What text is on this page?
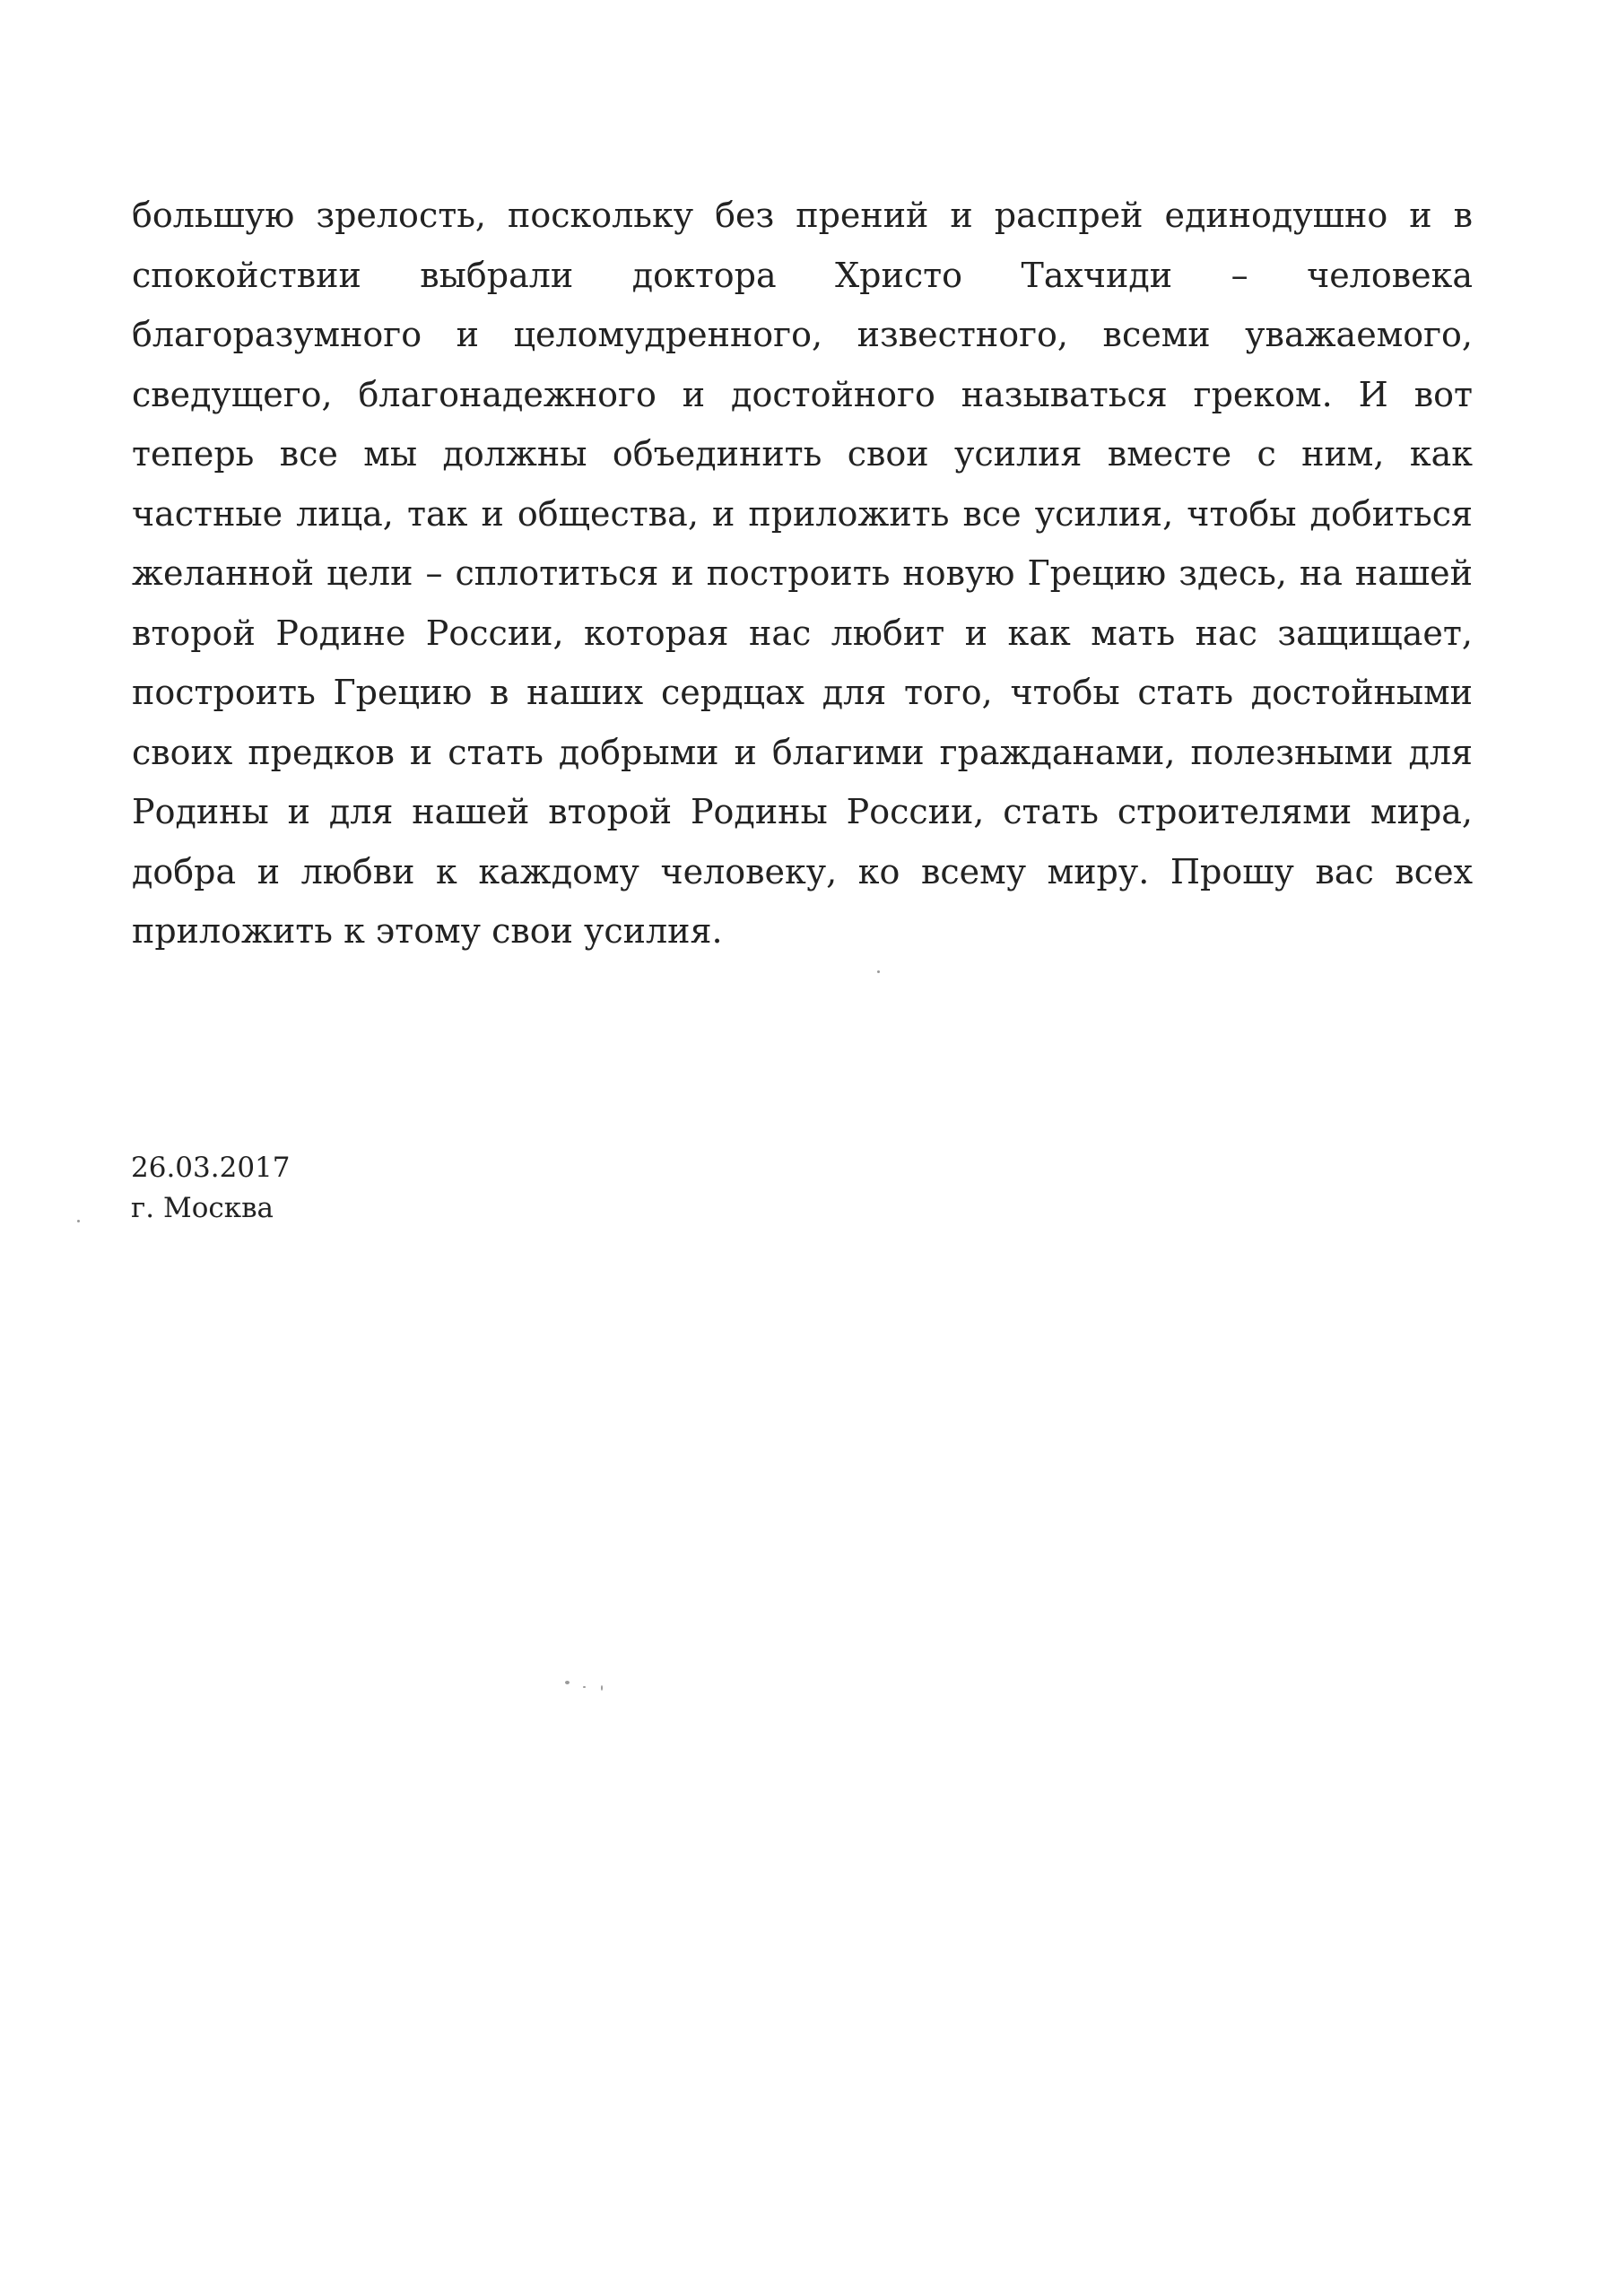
большую зрелость, поскольку без прений и распрей единодушно и в
спокойствии выбрали доктора Христо Тахчиди – человека
благоразумного и целомудренного, известного, всеми уважаемого,
сведущего, благонадежного и достойного называться греком. И вот
теперь все мы должны объединить свои усилия вместе с ним, как
частные лица, так и общества, и приложить все усилия, чтобы добиться
желанной цели – сплотиться и построить новую Грецию здесь, на нашей
второй Родине России, которая нас любит и как мать нас защищает,
построить Грецию в наших сердцах для того, чтобы стать достойными
своих предков и стать добрыми и благими гражданами, полезными для
Родины и для нашей второй Родины России, стать строителями мира,
добра и любви к каждому человеку, ко всему миру. Прошу вас всех
приложить к этому свои усилия.
26.03.2017
г. Москва
